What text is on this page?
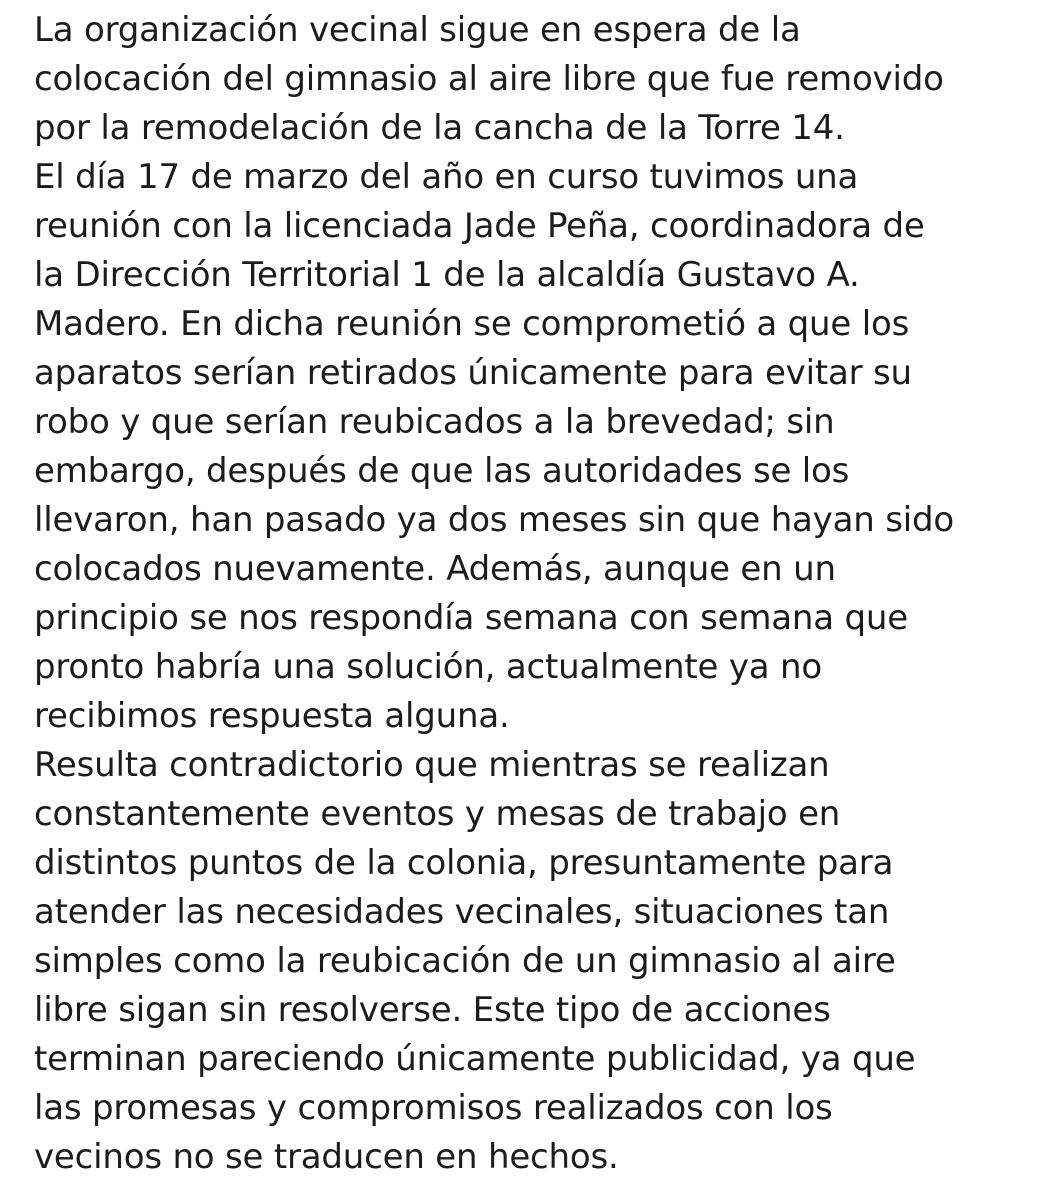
La organización vecinal sigue en espera de la
colocación del gimnasio al aire libre que fue removido
por la remodelación de la cancha de la Torre 14.
El día 17 de marzo del año en curso tuvimos una
reunión con la licenciada Jade Peña, coordinadora de
la Dirección Territorial 1 de la alcaldía Gustavo A.
Madero. En dicha reunión se comprometió a que los
aparatos serían retirados únicamente para evitar su
robo y que serían reubicados a la brevedad; sin
embargo, después de que las autoridades se los
llevaron, han pasado ya dos meses sin que hayan sido
colocados nuevamente. Además, aunque en un
principio se nos respondía semana con semana que
pronto habría una solución, actualmente ya no
recibimos respuesta alguna.
Resulta contradictorio que mientras se realizan
constantemente eventos y mesas de trabajo en
distintos puntos de la colonia, presuntamente para
atender las necesidades vecinales, situaciones tan
simples como la reubicación de un gimnasio al aire
libre sigan sin resolverse. Este tipo de acciones
terminan pareciendo únicamente publicidad, ya que
las promesas y compromisos realizados con los
vecinos no se traducen en hechos.
